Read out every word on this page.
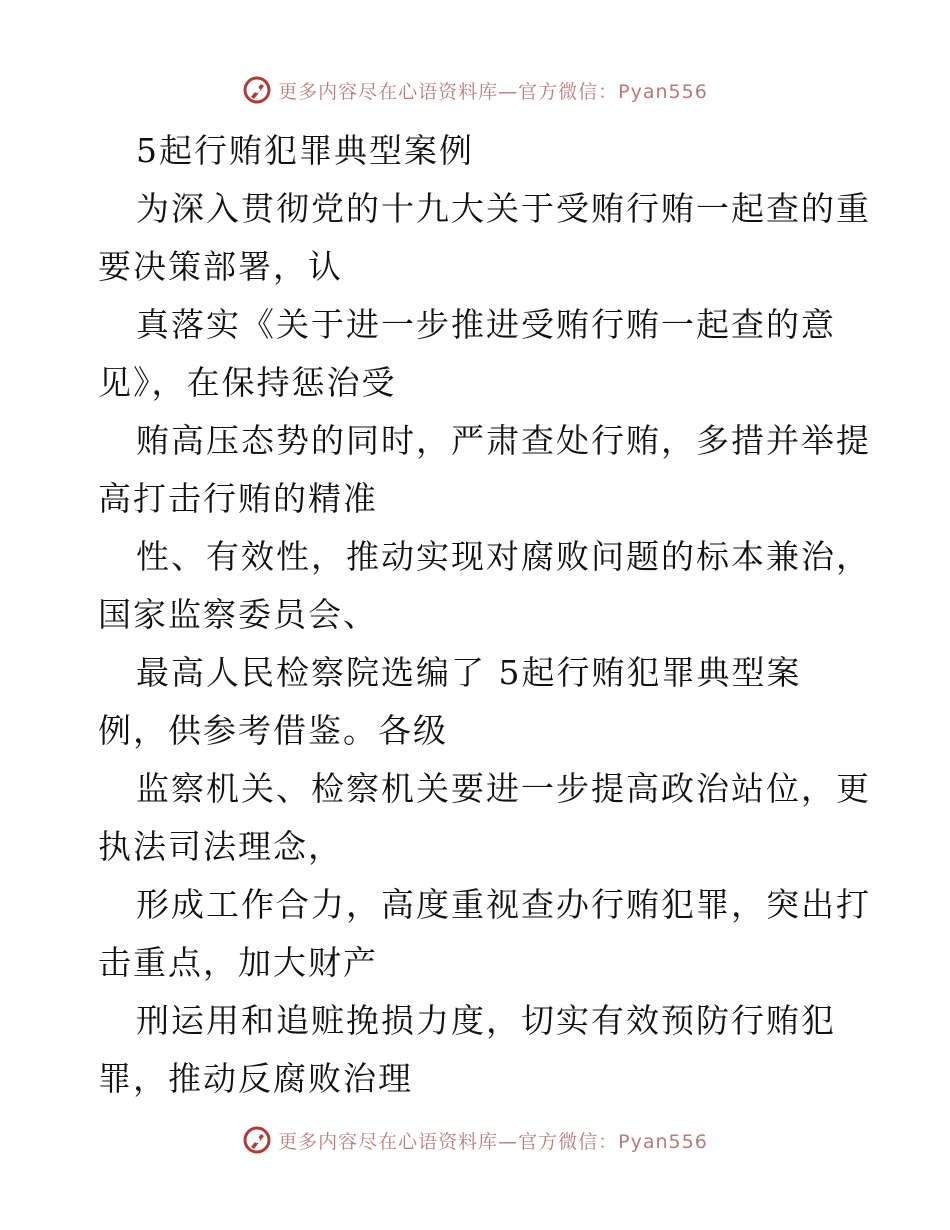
更多内容尽在心语资料库—官方微信：Pyan556
5起行贿犯罪典型案例
为深入贯彻党的十九大关于受贿行贿一起查的重
要决策部署，认
真落实《关于进一步推进受贿行贿一起查的意
见》，在保持惩治受
贿高压态势的同时，严肃查处行贿，多措并举提
高打击行贿的精准
性、有效性，推动实现对腐败问题的标本兼治，
国家监察委员会、
最高人民检察院选编了 5起行贿犯罪典型案
例，供参考借鉴。各级
监察机关、检察机关要进一步提高政治站位，更
执法司法理念，
形成工作合力，高度重视查办行贿犯罪，突出打
击重点，加大财产
刑运用和追赃挽损力度，切实有效预防行贿犯
罪，推动反腐败治理
更多内容尽在心语资料库—官方微信：Pyan556
